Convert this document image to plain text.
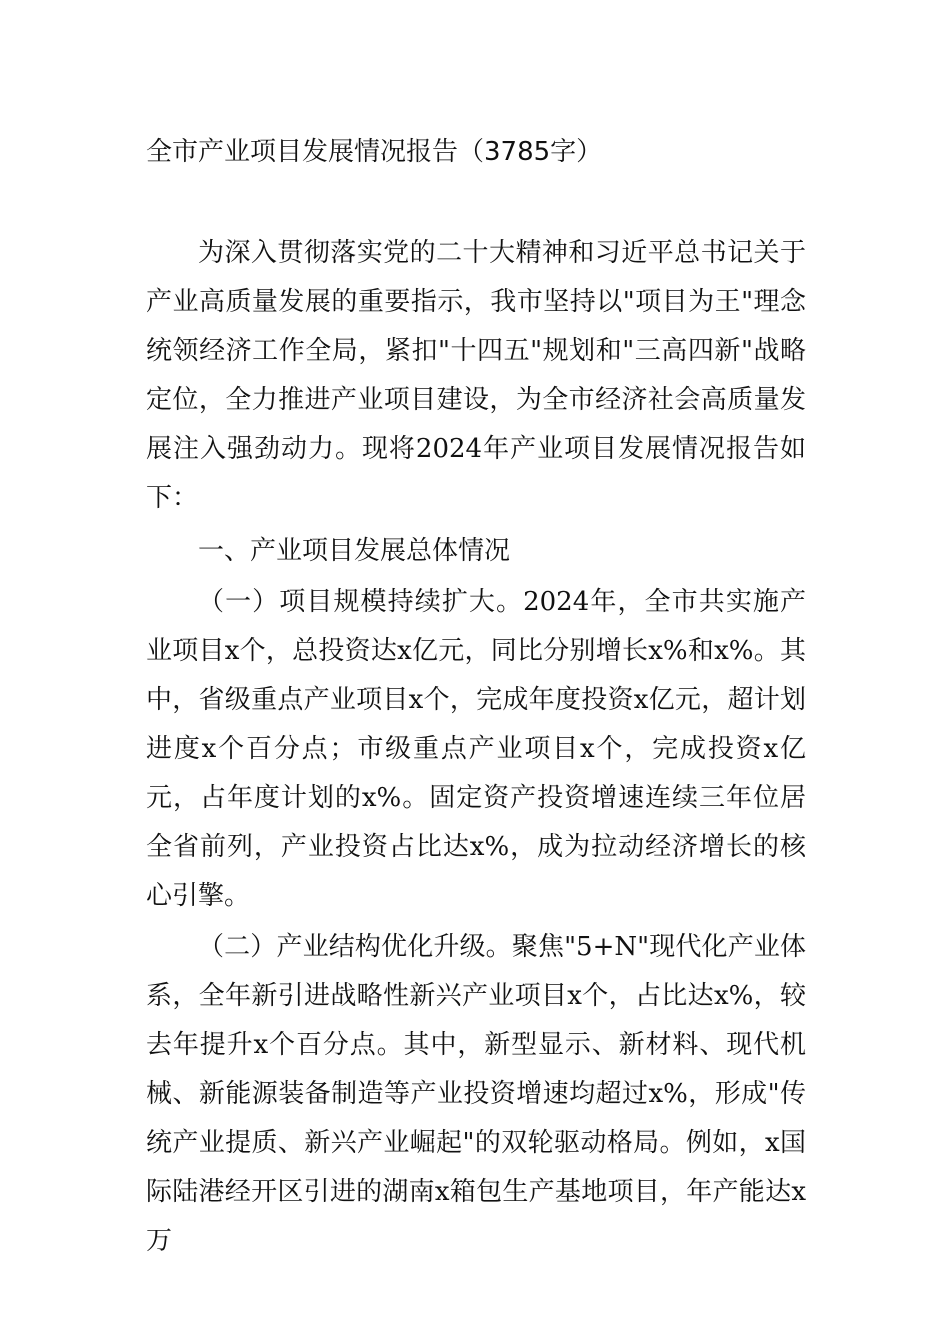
全市产业项目发展情况报告（3785字）

为深入贯彻落实党的二十大精神和习近平总书记关于产业高质量发展的重要指示，我市坚持以"项目为王"理念统领经济工作全局，紧扣"十四五"规划和"三高四新"战略定位，全力推进产业项目建设，为全市经济社会高质量发展注入强劲动力。现将2024年产业项目发展情况报告如下：

一、产业项目发展总体情况

（一）项目规模持续扩大。2024年，全市共实施产业项目x个，总投资达x亿元，同比分别增长x%和x%。其中，省级重点产业项目x个，完成年度投资x亿元，超计划进度x个百分点；市级重点产业项目x个，完成投资x亿元，占年度计划的x%。固定资产投资增速连续三年位居全省前列，产业投资占比达x%，成为拉动经济增长的核心引擎。

（二）产业结构优化升级。聚焦"5+N"现代化产业体系，全年新引进战略性新兴产业项目x个，占比达x%，较去年提升x个百分点。其中，新型显示、新材料、现代机械、新能源装备制造等产业投资增速均超过x%，形成"传统产业提质、新兴产业崛起"的双轮驱动格局。例如，x国际陆港经开区引进的湖南x箱包生产基地项目，年产能达x万
